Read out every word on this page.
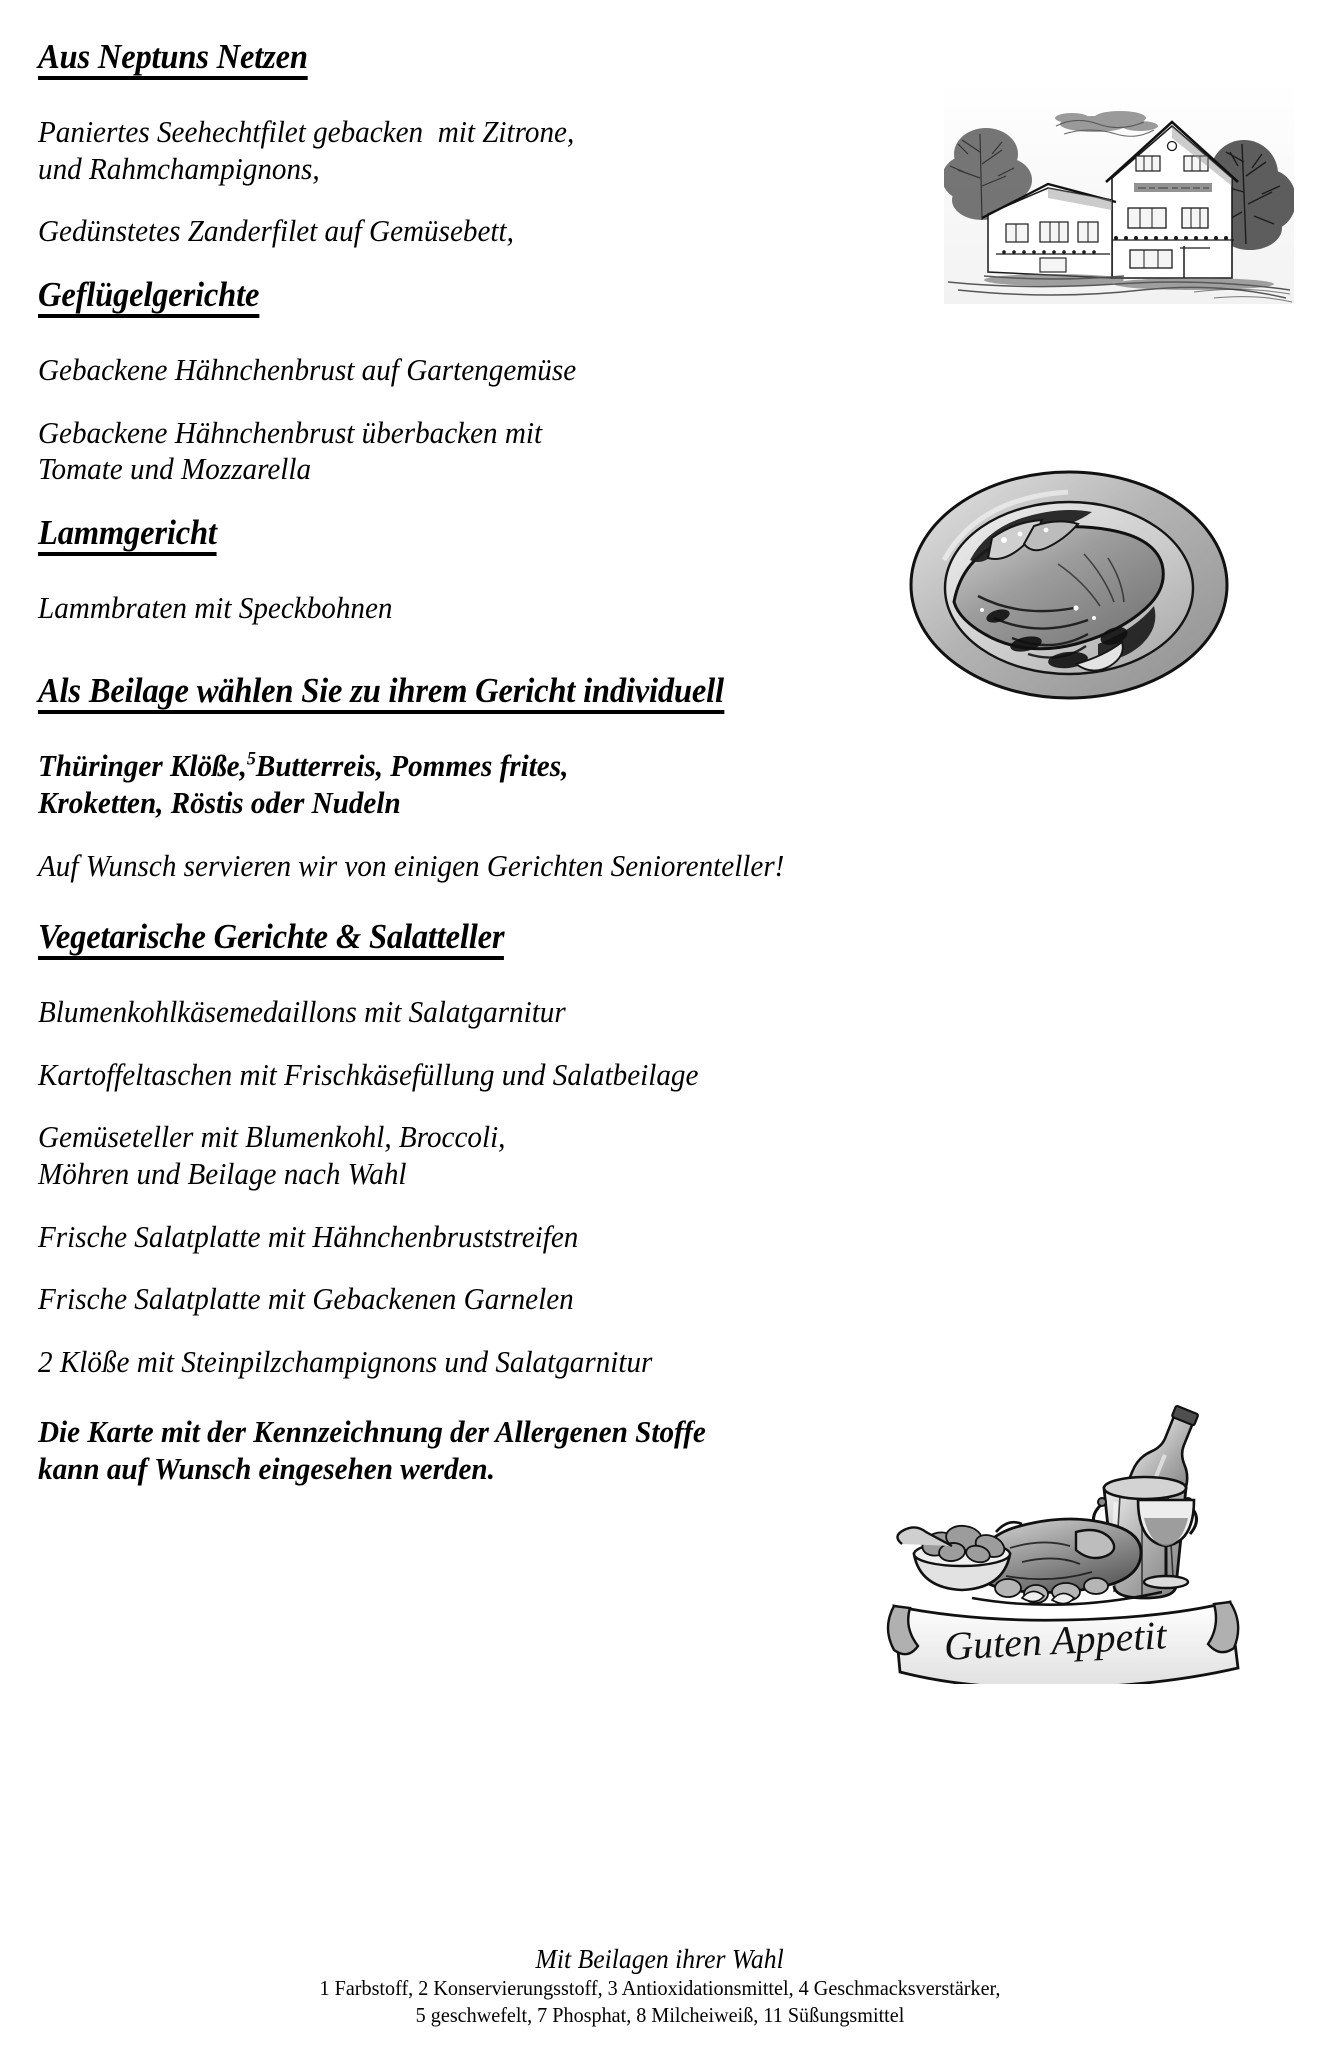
Aus Neptuns Netzen

Paniertes Seehechtfilet gebacken  mit Zitrone,
und Rahmchampignons,

Gedünstetes Zanderfilet auf Gemüsebett,

Geflügelgerichte

Gebackene Hähnchenbrust auf Gartengemüse

Gebackene Hähnchenbrust überbacken mit
Tomate und Mozzarella

Lammgericht

Lammbraten mit Speckbohnen

Als Beilage wählen Sie zu ihrem Gericht individuell

Thüringer Klöße,$^5$Butterreis, Pommes frites,
Kroketten, Röstis oder Nudeln

Auf Wunsch servieren wir von einigen Gerichten Seniorenteller!

Vegetarische Gerichte & Salatteller

Blumenkohlkäsemedaillons mit Salatgarnitur

Kartoffeltaschen mit Frischkäsefüllung und Salatbeilage

Gemüseteller mit Blumenkohl, Broccoli,
Möhren und Beilage nach Wahl

Frische Salatplatte mit Hähnchenbruststreifen

Frische Salatplatte mit Gebackenen Garnelen

2 Klöße mit Steinpilzchampignons und Salatgarnitur

Die Karte mit der Kennzeichnung der Allergenen Stoffe
kann auf Wunsch eingesehen werden.

Mit Beilagen ihrer Wahl
1 Farbstoff, 2 Konservierungsstoff, 3 Antioxidationsmittel, 4 Geschmacksverstärker,
5 geschwefelt, 7 Phosphat, 8 Milcheiweiß, 11 Süßungsmittel
Guten Appetit
